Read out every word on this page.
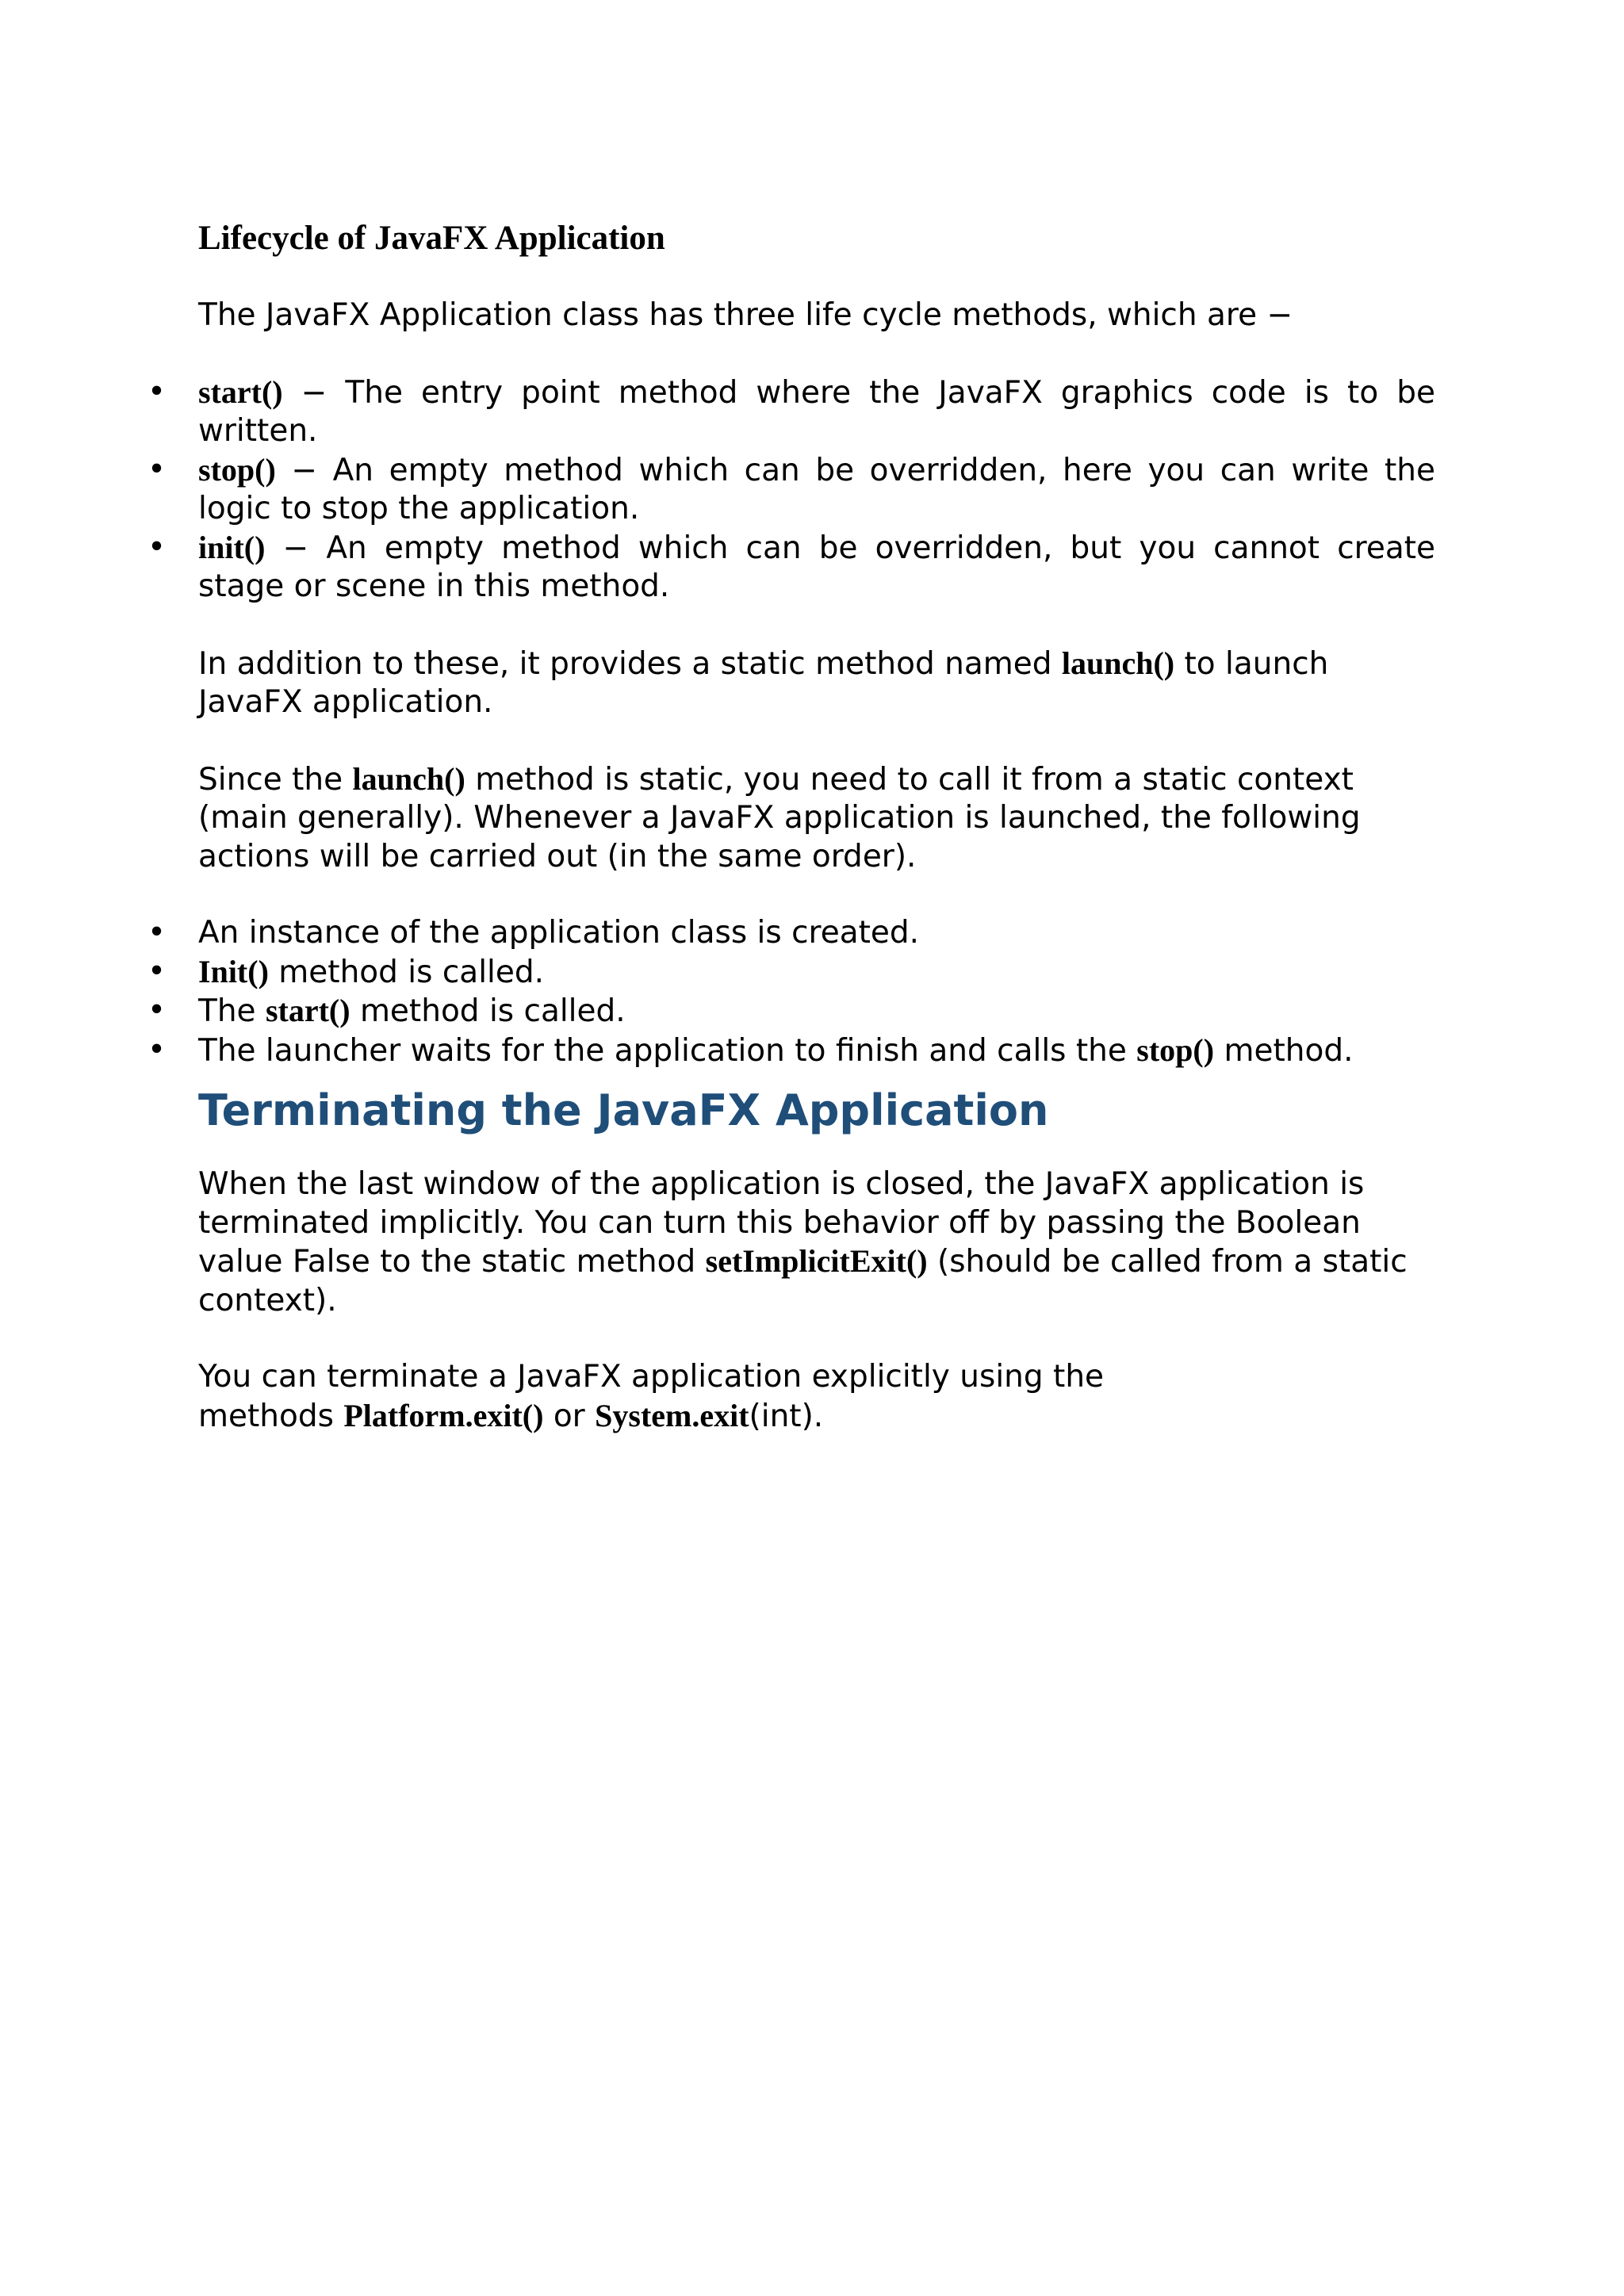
Lifecycle of JavaFX Application
The JavaFX Application class has three life cycle methods, which are −
• start() − The entry point method where the JavaFX graphics code is to be written.
• stop() − An empty method which can be overridden, here you can write the logic to stop the application.
• init() − An empty method which can be overridden, but you cannot create stage or scene in this method.
In addition to these, it provides a static method named launch() to launch JavaFX application.
Since the launch() method is static, you need to call it from a static context (main generally). Whenever a JavaFX application is launched, the following actions will be carried out (in the same order).
• An instance of the application class is created.
• Init() method is called.
• The start() method is called.
• The launcher waits for the application to finish and calls the stop() method.
Terminating the JavaFX Application
When the last window of the application is closed, the JavaFX application is terminated implicitly. You can turn this behavior off by passing the Boolean value False to the static method setImplicitExit() (should be called from a static context).
You can terminate a JavaFX application explicitly using the
methods Platform.exit() or System.exit(int).
